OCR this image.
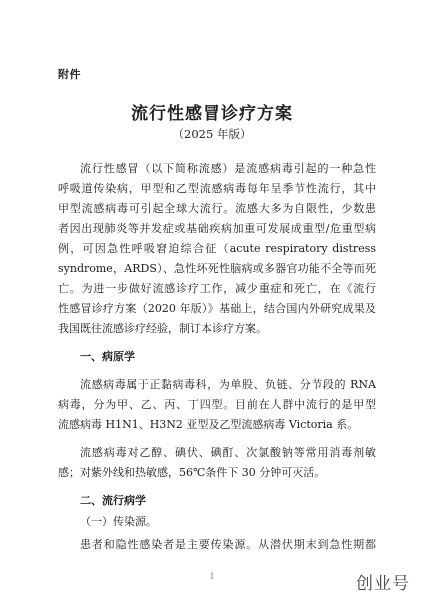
附件
流行性感冒诊疗方案
（2025 年版）
流行性感冒（以下简称流感）是流感病毒引起的一种急性
呼吸道传染病，甲型和乙型流感病毒每年呈季节性流行，其中
甲型流感病毒可引起全球大流行。流感大多为自限性，少数患
者因出现肺炎等并发症或基础疾病加重可发展成重型/危重型病
例，可因急性呼吸窘迫综合征（acute respiratory distress
syndrome，ARDS）、急性坏死性脑病或多器官功能不全等而死
亡。为进一步做好流感诊疗工作，减少重症和死亡，在《流行
性感冒诊疗方案（2020 年版）》基础上，结合国内外研究成果及
我国既往流感诊疗经验，制订本诊疗方案。
一、病原学
流感病毒属于正黏病毒科，为单股、负链、分节段的 RNA
病毒，分为甲、乙、丙、丁四型。目前在人群中流行的是甲型
流感病毒 H1N1、H3N2 亚型及乙型流感病毒 Victoria 系。
流感病毒对乙醇、碘伏、碘酊、次氯酸钠等常用消毒剂敏
感；对紫外线和热敏感，56℃条件下 30 分钟可灭活。
二、流行病学
（一）传染源。
患者和隐性感染者是主要传染源。从潜伏期末到急性期都
1	创业号
